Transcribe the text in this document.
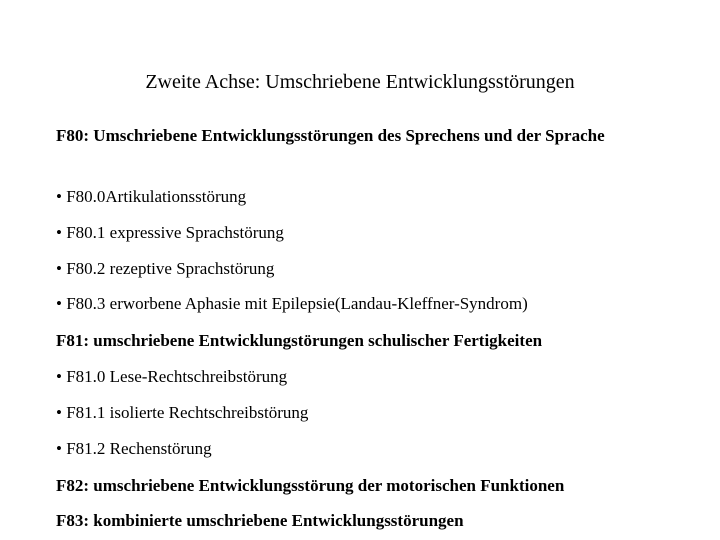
Zweite Achse: Umschriebene Entwicklungsstörungen
F80: Umschriebene Entwicklungsstörungen des Sprechens und der Sprache
• F80.0Artikulationsstörung
• F80.1 expressive Sprachstörung
• F80.2 rezeptive Sprachstörung
• F80.3 erworbene Aphasie mit Epilepsie(Landau-Kleffner-Syndrom)
F81: umschriebene Entwicklungstörungen schulischer Fertigkeiten
• F81.0 Lese-Rechtschreibstörung
• F81.1 isolierte Rechtschreibstörung
• F81.2 Rechenstörung
F82: umschriebene Entwicklungsstörung der motorischen Funktionen
F83: kombinierte umschriebene Entwicklungsstörungen
